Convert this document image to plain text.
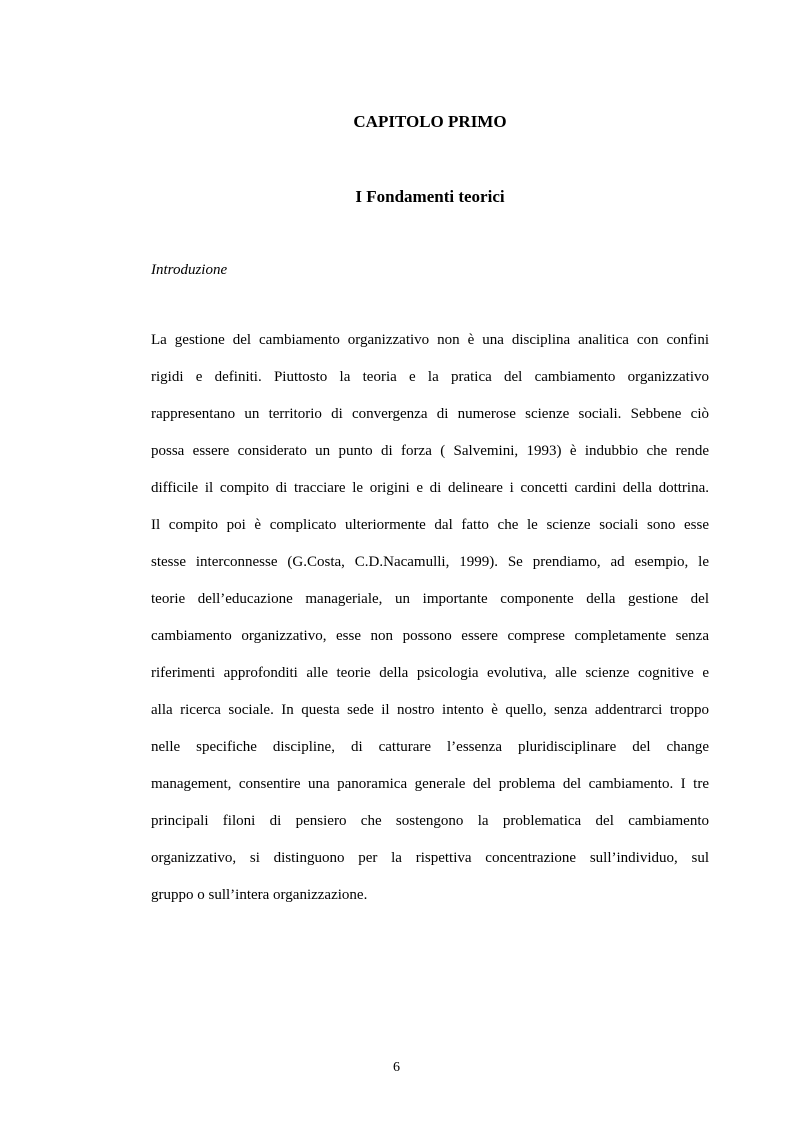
CAPITOLO PRIMO
I Fondamenti teorici
Introduzione
La gestione del cambiamento organizzativo non è una disciplina analitica con confini
rigidi e definiti. Piuttosto la teoria e la pratica del cambiamento organizzativo
rappresentano un territorio di convergenza di numerose scienze sociali. Sebbene ciò
possa essere considerato un punto di forza ( Salvemini, 1993) è indubbio che rende
difficile il compito di tracciare le origini e di delineare i concetti cardini della dottrina.
Il compito poi è complicato ulteriormente dal fatto che le scienze sociali sono esse
stesse interconnesse (G.Costa, C.D.Nacamulli, 1999). Se prendiamo, ad esempio, le
teorie dell’educazione manageriale, un importante componente della gestione del
cambiamento organizzativo, esse non possono essere comprese completamente senza
riferimenti approfonditi alle teorie della psicologia evolutiva, alle scienze cognitive e
alla ricerca sociale. In questa sede il nostro intento è quello, senza addentrarci troppo
nelle specifiche discipline, di catturare l’essenza pluridisciplinare del change
management, consentire una panoramica generale del problema del cambiamento. I tre
principali filoni di pensiero che sostengono la problematica del cambiamento
organizzativo, si distinguono per la rispettiva concentrazione sull’individuo, sul
gruppo o sull’intera organizzazione.
6
